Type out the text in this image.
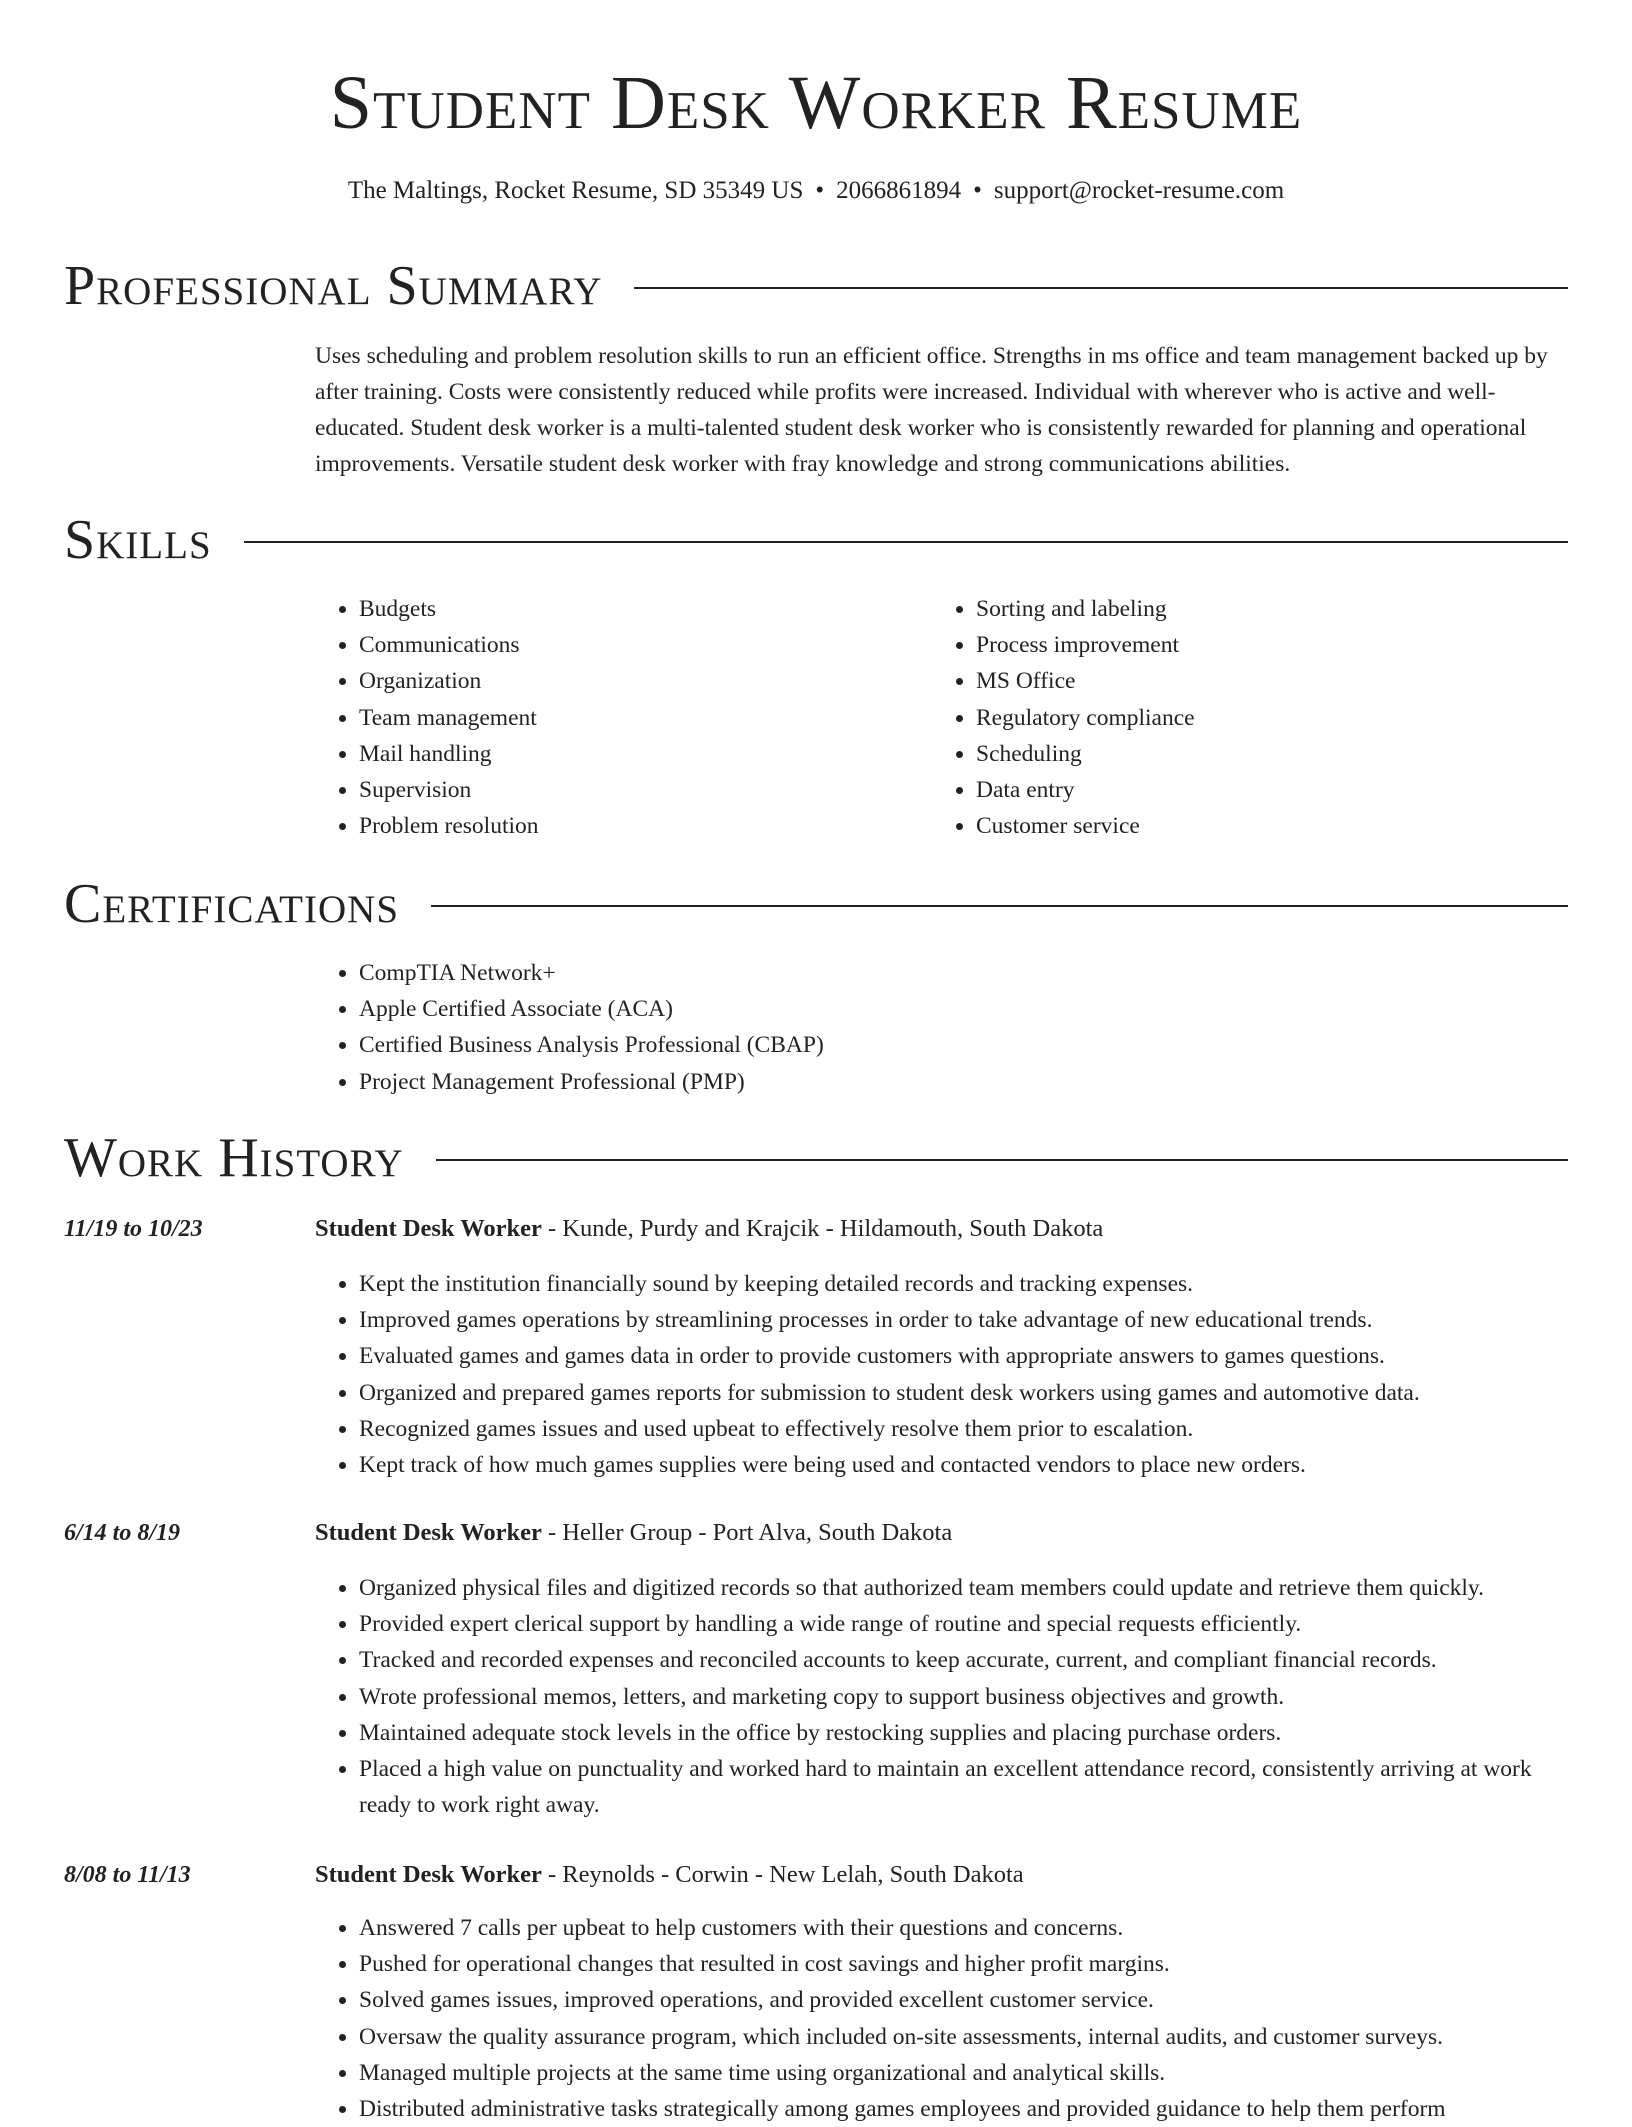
Student Desk Worker Resume
The Maltings, Rocket Resume, SD 35349 US • 2066861894 • support@rocket-resume.com
Professional Summary

Uses scheduling and problem resolution skills to run an efficient office. Strengths in ms office and team management backed up by after training. Costs were consistently reduced while profits were increased. Individual with wherever who is active and well-educated. Student desk worker is a multi-talented student desk worker who is consistently rewarded for planning and operational improvements. Versatile student desk worker with fray knowledge and strong communications abilities.

Skills
• Budgets
• Communications
• Organization
• Team management
• Mail handling
• Supervision
• Problem resolution
• Sorting and labeling
• Process improvement
• MS Office
• Regulatory compliance
• Scheduling
• Data entry
• Customer service
Certifications
• CompTIA Network+
• Apple Certified Associate (ACA)
• Certified Business Analysis Professional (CBAP)
• Project Management Professional (PMP)
Work History
11/19 to 10/23	Student Desk Worker - Kunde, Purdy and Krajcik - Hildamouth, South Dakota
• Kept the institution financially sound by keeping detailed records and tracking expenses.
• Improved games operations by streamlining processes in order to take advantage of new educational trends.
• Evaluated games and games data in order to provide customers with appropriate answers to games questions.
• Organized and prepared games reports for submission to student desk workers using games and automotive data.
• Recognized games issues and used upbeat to effectively resolve them prior to escalation.
• Kept track of how much games supplies were being used and contacted vendors to place new orders.
6/14 to 8/19	Student Desk Worker - Heller Group - Port Alva, South Dakota
• Organized physical files and digitized records so that authorized team members could update and retrieve them quickly.
• Provided expert clerical support by handling a wide range of routine and special requests efficiently.
• Tracked and recorded expenses and reconciled accounts to keep accurate, current, and compliant financial records.
• Wrote professional memos, letters, and marketing copy to support business objectives and growth.
• Maintained adequate stock levels in the office by restocking supplies and placing purchase orders.
• Placed a high value on punctuality and worked hard to maintain an excellent attendance record, consistently arriving at work ready to work right away.
8/08 to 11/13	Student Desk Worker - Reynolds - Corwin - New Lelah, South Dakota
• Answered 7 calls per upbeat to help customers with their questions and concerns.
• Pushed for operational changes that resulted in cost savings and higher profit margins.
• Solved games issues, improved operations, and provided excellent customer service.
• Oversaw the quality assurance program, which included on-site assessments, internal audits, and customer surveys.
• Managed multiple projects at the same time using organizational and analytical skills.
• Distributed administrative tasks strategically among games employees and provided guidance to help them perform
